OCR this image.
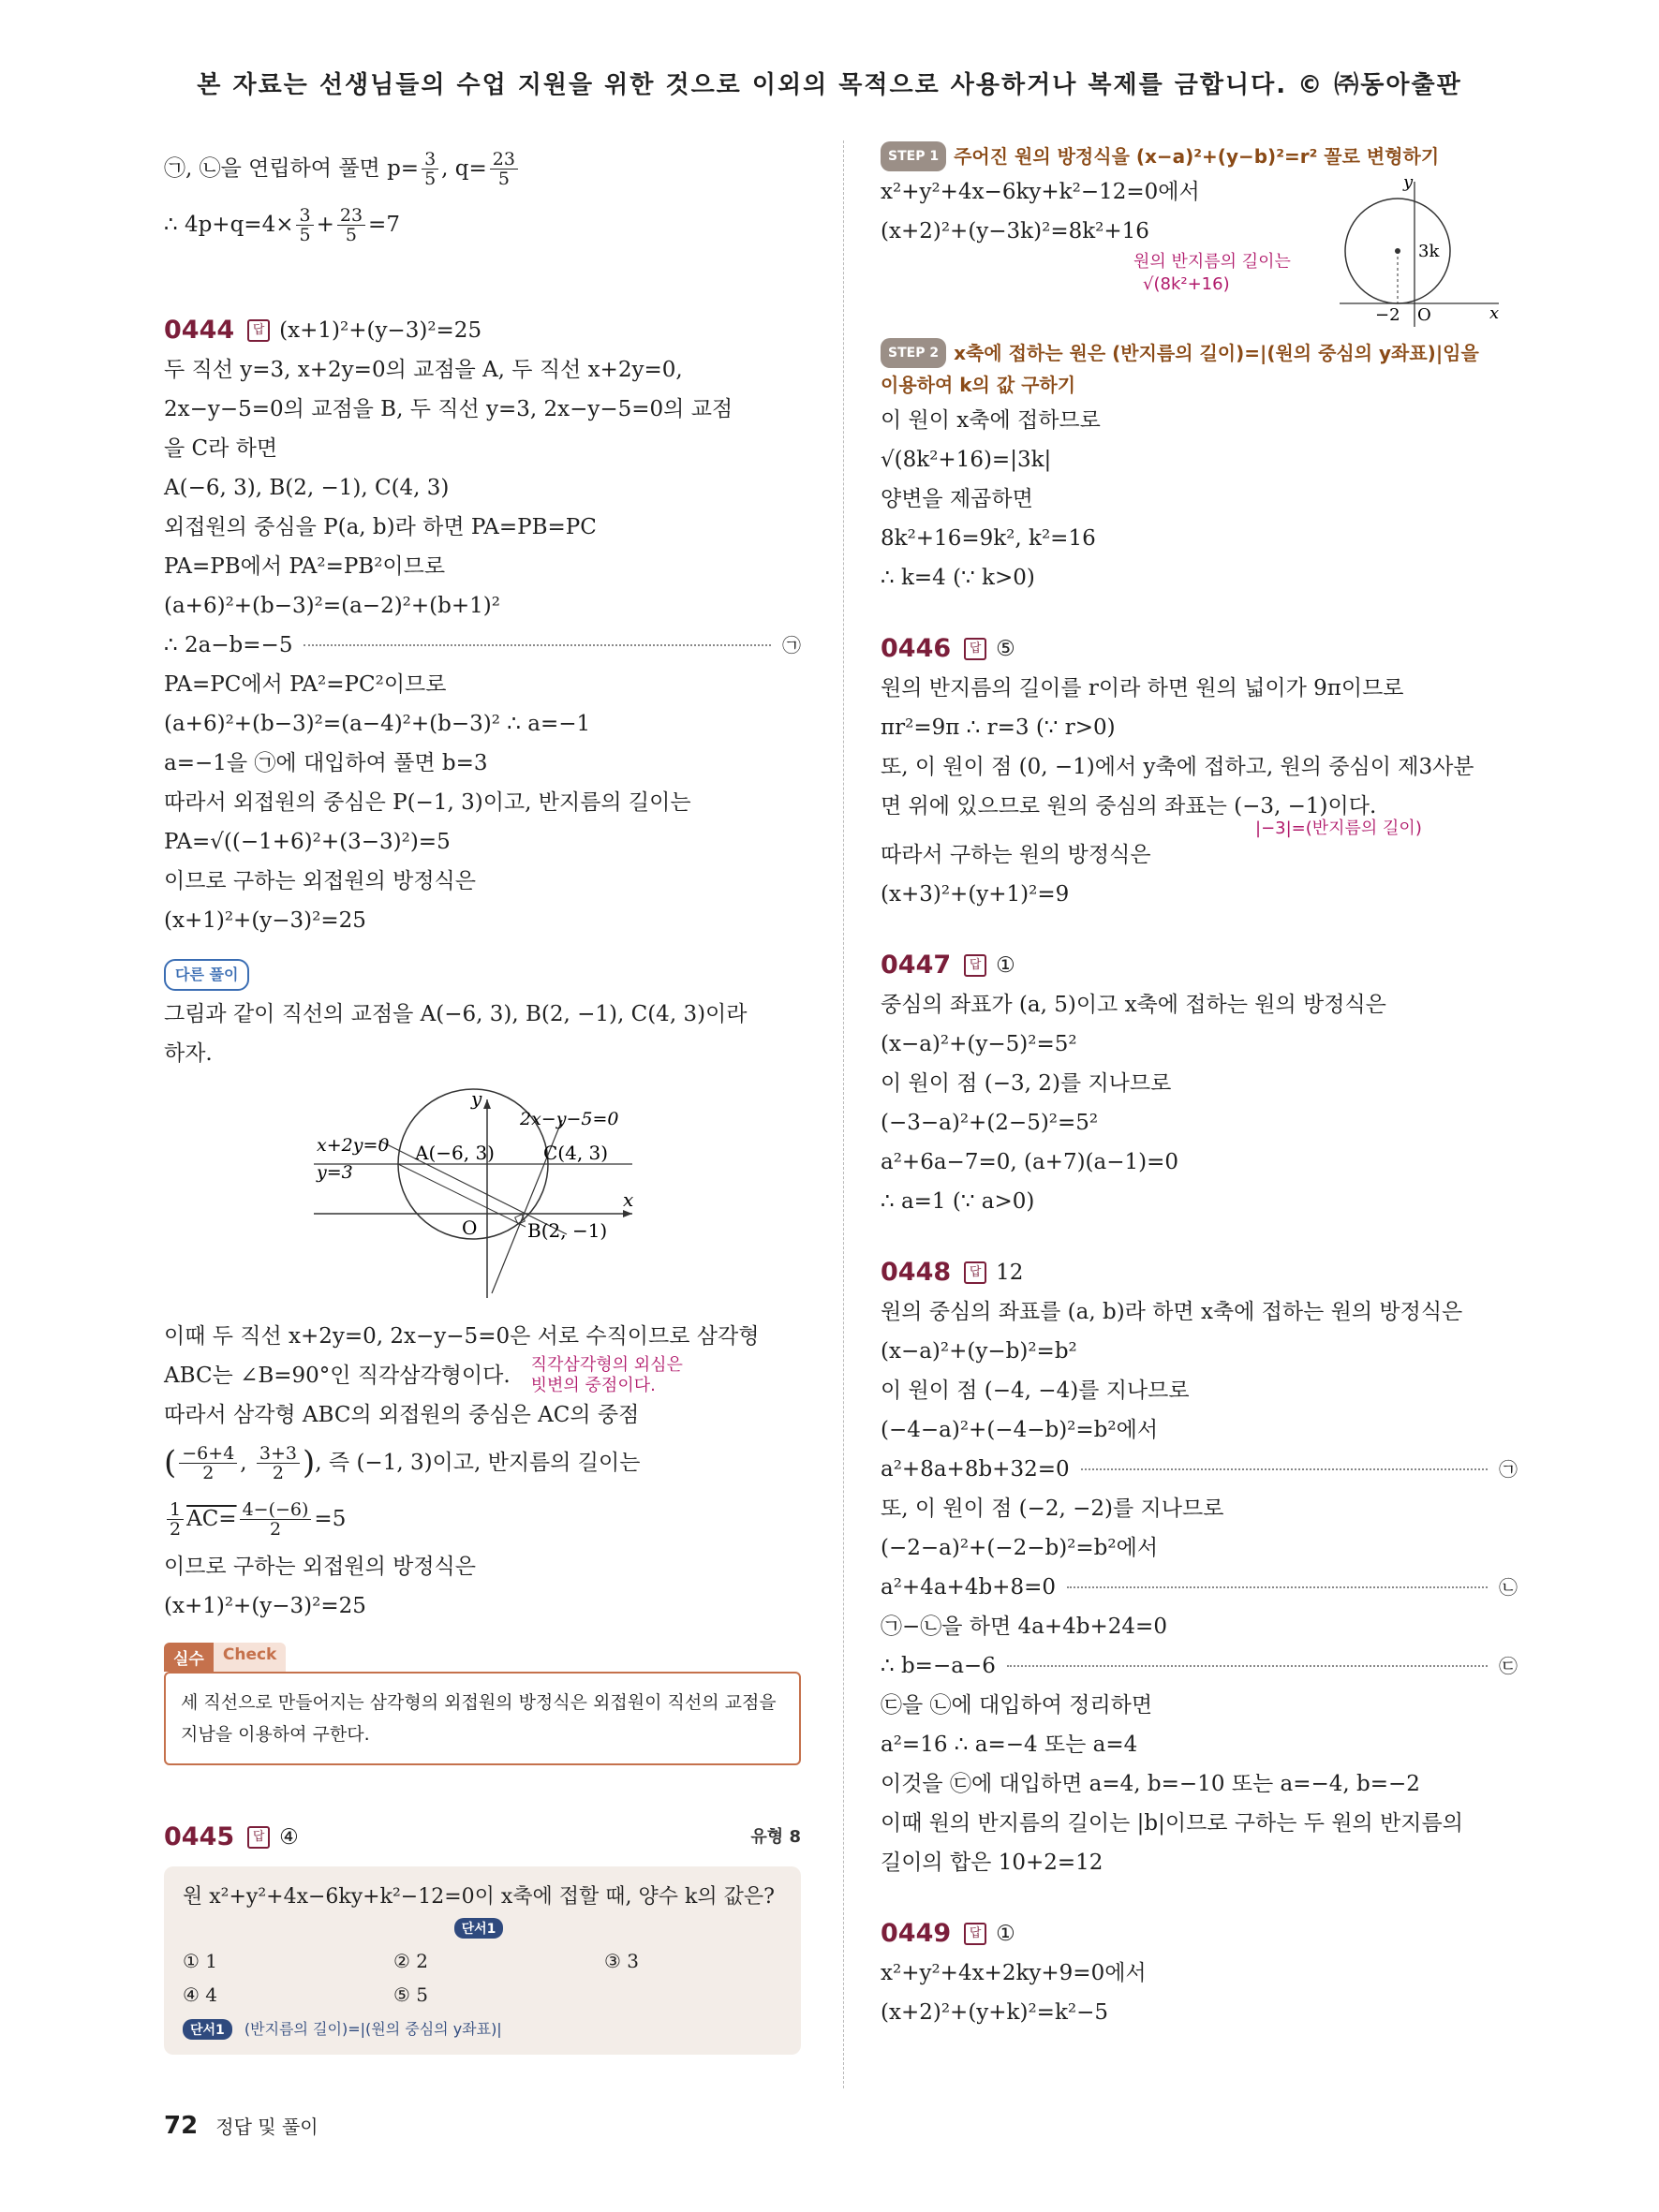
본 자료는 선생님들의 수업 지원을 위한 것으로 이외의 목적으로 사용하거나 복제를 금합니다. © ㈜동아출판
㉠, ㉡을 연립하여 풀면 $p= \frac{3}{5}$ , $q= \frac{23}{5}$
∴ $4p+q=4\times \frac{3}{5} + \frac{23}{5} =7$
0444	답 (x+1)²+(y−3)²=25
두 직선 y=3, x+2y=0의 교점을 A, 두 직선 x+2y=0,
2x−y−5=0의 교점을 B, 두 직선 y=3, 2x−y−5=0의 교점
을 C라 하면
A(−6, 3), B(2, −1), C(4, 3)
외접원의 중심을 P(a, b)라 하면 PA=PB=PC
PA=PB에서 PA²=PB²이므로
(a+6)²+(b−3)²=(a−2)²+(b+1)²
∴ 2a−b=−5	㉠
PA=PC에서 PA²=PC²이므로
(a+6)²+(b−3)²=(a−4)²+(b−3)² ∴ a=−1
a=−1을 ㉠에 대입하여 풀면 b=3
따라서 외접원의 중심은 P(−1, 3)이고, 반지름의 길이는
PA=√((−1+6)²+(3−3)²)=5
이므로 구하는 외접원의 방정식은
(x+1)²+(y−3)²=25
다른 풀이
그림과 같이 직선의 교점을 A(−6, 3), B(2, −1), C(4, 3)이라
하자.
y
x
O
2x−y−5=0
x+2y=0
y=3
A(−6, 3)	C(4, 3)
B(2, −1)
이때 두 직선 x+2y=0, 2x−y−5=0은 서로 수직이므로 삼각형
ABC는 ∠B=90°인 직각삼각형이다. 직각삼각형의 외심은
빗변의 중점이다.
따라서 삼각형 ABC의 외접원의 중심은 AC의 중점
( $\frac{-6+4}{2}$ , $\frac{3+3}{2}$ ) , 즉 (−1, 3)이고, 반지름의 길이는
$\frac{1}{2} AC= \frac{4-(-6)}{2} =5$
이므로 구하는 외접원의 방정식은
(x+1)²+(y−3)²=25
실수	Check
세 직선으로 만들어지는 삼각형의 외접원의 방정식은 외접원이 직선의 교점을 지남을 이용하여 구한다.
0445	답 ④	유형 8
원 x²+y²+4x−6ky+k²−12=0이 x축에 접할 때, 양수 k의 값은?
단서1
① 1	② 2	③ 3
④ 4	⑤ 5
단서1 (반지름의 길이)=|(원의 중심의 y좌표)|
STEP 1 주어진 원의 방정식을 (x−a)²+(y−b)²=r² 꼴로 변형하기
x²+y²+4x−6ky+k²−12=0에서
(x+2)²+(y−3k)²=8k²+16
원의 반지름의 길이는
√(8k²+16)
y
x
O
−2
3k
STEP 2 x축에 접하는 원은 (반지름의 길이)=|(원의 중심의 y좌표)|임을
이용하여 k의 값 구하기
이 원이 x축에 접하므로
√(8k²+16)=|3k|
양변을 제곱하면
8k²+16=9k², k²=16
∴ k=4 (∵ k>0)
0446	답 ⑤
원의 반지름의 길이를 r이라 하면 원의 넓이가 9π이므로
πr²=9π ∴ r=3 (∵ r>0)
또, 이 원이 점 (0, −1)에서 y축에 접하고, 원의 중심이 제3사분
면 위에 있으므로 원의 중심의 좌표는 (−3, −1)이다.
|−3|=(반지름의 길이)
따라서 구하는 원의 방정식은
(x+3)²+(y+1)²=9
0447	답 ①
중심의 좌표가 (a, 5)이고 x축에 접하는 원의 방정식은
(x−a)²+(y−5)²=5²
이 원이 점 (−3, 2)를 지나므로
(−3−a)²+(2−5)²=5²
a²+6a−7=0, (a+7)(a−1)=0
∴ a=1 (∵ a>0)
0448	답 12
원의 중심의 좌표를 (a, b)라 하면 x축에 접하는 원의 방정식은
(x−a)²+(y−b)²=b²
이 원이 점 (−4, −4)를 지나므로
(−4−a)²+(−4−b)²=b²에서
a²+8a+8b+32=0	㉠
또, 이 원이 점 (−2, −2)를 지나므로
(−2−a)²+(−2−b)²=b²에서
a²+4a+4b+8=0	㉡
㉠−㉡을 하면 4a+4b+24=0
∴ b=−a−6	㉢
㉢을 ㉡에 대입하여 정리하면
a²=16 ∴ a=−4 또는 a=4
이것을 ㉢에 대입하면 a=4, b=−10 또는 a=−4, b=−2
이때 원의 반지름의 길이는 |b|이므로 구하는 두 원의 반지름의
길이의 합은 10+2=12
0449	답 ①
x²+y²+4x+2ky+9=0에서
(x+2)²+(y+k)²=k²−5
72 정답 및 풀이
